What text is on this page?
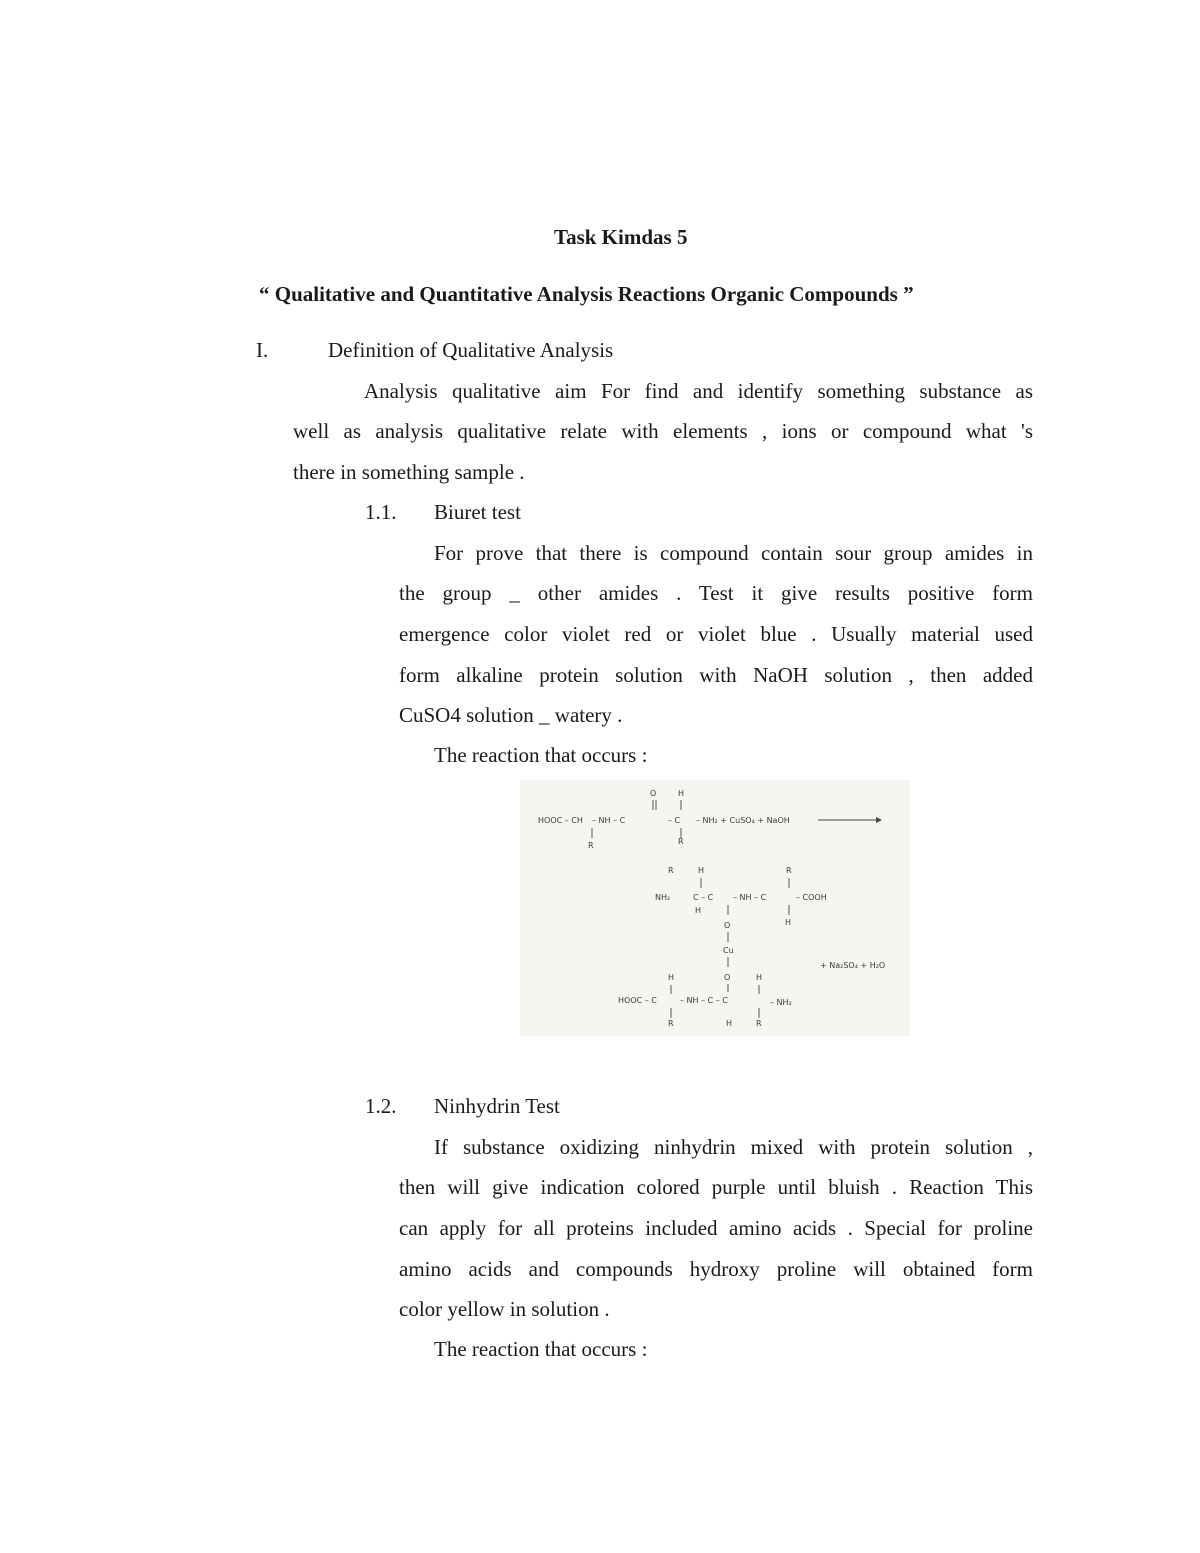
Task Kimdas 5
“ Qualitative and Quantitative Analysis Reactions Organic Compounds ”
I.	Definition of Qualitative Analysis
Analysis qualitative aim For find and identify something substance as
well as analysis qualitative relate with elements , ions or compound what 's
there in something sample .
1.1. Biuret test
For prove that there is compound contain sour group amides in
the group _ other amides . Test it give results positive form
emergence color violet red or violet blue . Usually material used
form alkaline protein solution with NaOH solution , then added
CuSO4 solution _ watery .
The reaction that occurs :
O	H
HOOC – CH – NH – C	– C – NH₂ + CuSO₄ + NaOH
R	R
R	H	R
NH₂	C – C – NH – C	– COOH
H
H
O
Cu
+ Na₂SO₄ + H₂O
O
H	H
HOOC – C	– NH – C – C	– NH₂
R	H	R
1.2. Ninhydrin Test
If substance oxidizing ninhydrin mixed with protein solution ,
then will give indication colored purple until bluish . Reaction This
can apply for all proteins included amino acids . Special for proline
amino acids and compounds hydroxy proline will obtained form
color yellow in solution .
The reaction that occurs :
